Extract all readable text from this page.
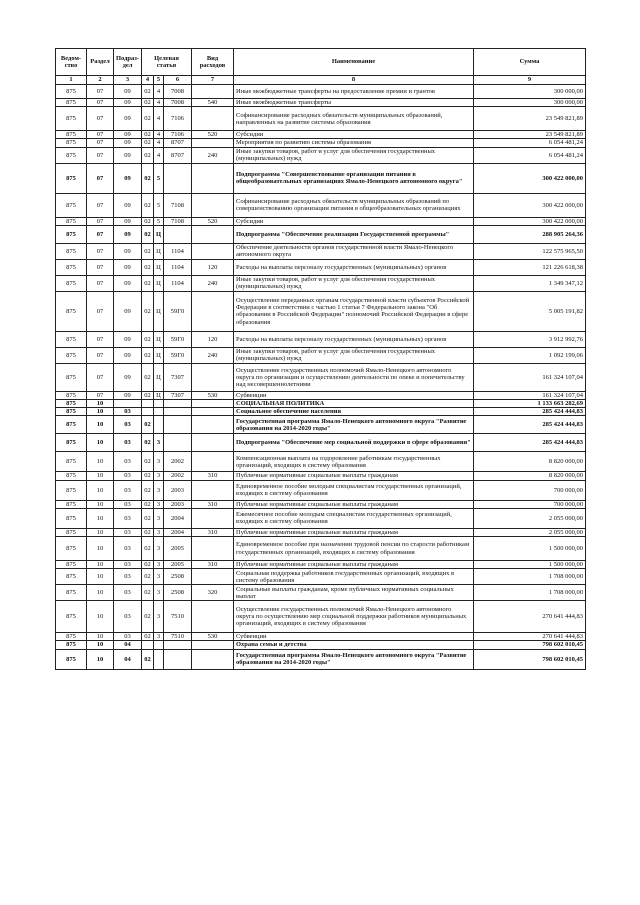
Ведом-ство	Раздел	Подраз-дел	Целевая статья			Вид расходов	Наименование	Сумма
1	2	3	4	5	6	7	8	9
875	07	09	02	4	7008		Иные межбюджетные трансферты на предоставление премии и грантов	300 000,00
875	07	09	02	4	7008	540	Иные межбюджетные трансферты	300 000,00
875	07	09	02	4	7106		Софинансирование расходных обязательств муниципальных образований, направленных на развитие системы образования	23 549 821,89
875	07	09	02	4	7106	520	Субсидии	23 549 821,89
875	07	09	02	4	8707		Мероприятия по развитию системы образования	6 054 481,24
875	07	09	02	4	8707	240	Иные закупки товаров, работ и услуг для обеспечения государственных (муниципальных) нужд	6 054 481,24
875	07	09	02	5			Подпрограмма "Совершенствование организации питания в общеобразовательных организациях Ямало-Ненецкого автономного округа"	300 422 000,00
875	07	09	02	5	7108		Софинансирование расходных обязательств муниципальных образований по совершенствованию организации питания в общеобразовательных организациях	300 422 000,00
875	07	09	02	5	7108	520	Субсидии	300 422 000,00
875	07	09	02	Ц			Подпрограмма "Обеспечение реализации Государственной программы"	288 905 264,36
875	07	09	02	Ц	1104		Обеспечение деятельности органов государственной власти Ямало-Ненецкого автономного округа	122 575 965,50
875	07	09	02	Ц	1104	120	Расходы на выплаты персоналу государственных (муниципальных) органов	121 226 618,38
875	07	09	02	Ц	1104	240	Иные закупки товаров, работ и услуг для обеспечения государственных (муниципальных) нужд	1 349 347,12
875	07	09	02	Ц	59Г0		Осуществление переданных органам государственной власти субъектов Российской Федерации в соответствии с частью 1 статьи 7 Федерального закона "Об образовании в Российской Федерации" полномочий Российской Федерации в сфере образования	5 005 191,82
875	07	09	02	Ц	59Г0	120	Расходы на выплаты персоналу государственных (муниципальных) органов	3 912 992,76
875	07	09	02	Ц	59Г0	240	Иные закупки товаров, работ и услуг для обеспечения государственных (муниципальных) нужд	1 092 199,06
875	07	09	02	Ц	7307		Осуществление государственных полномочий Ямало-Ненецкого автономного округа по организации и осуществлению деятельности по опеке и попечительству над несовершеннолетними	161 324 107,04
875	07	09	02	Ц	7307	530	Субвенции	161 324 107,04
875	10						СОЦИАЛЬНАЯ ПОЛИТИКА	1 133 663 282,69
875	10	03					Социальное обеспечение населения	285 424 444,83
875	10	03	02				Государственная программа Ямало-Ненецкого автономного округа "Развитие образования на 2014-2020 годы"	285 424 444,83
875	10	03	02	3			Подпрограмма "Обеспечение мер социальной поддержки в сфере образования"	285 424 444,83
875	10	03	02	3	2002		Компенсационная выплата на оздоровление работникам государственных организаций, входящих в систему образования	8 820 000,00
875	10	03	02	3	2002	310	Публичные нормативные социальные выплаты гражданам	8 820 000,00
875	10	03	02	3	2003		Единовременное пособие молодым специалистам государственных организаций, входящих в систему образования	700 000,00
875	10	03	02	3	2003	310	Публичные нормативные социальные выплаты гражданам	700 000,00
875	10	03	02	3	2004		Ежемесячное пособие молодым специалистам государственных организаций, входящих в систему образования	2 055 000,00
875	10	03	02	3	2004	310	Публичные нормативные социальные выплаты гражданам	2 055 000,00
875	10	03	02	3	2005		Единовременное пособие при назначении трудовой пенсии по старости работникам государственных организаций, входящих в систему образования	1 500 000,00
875	10	03	02	3	2005	310	Публичные нормативные социальные выплаты гражданам	1 500 000,00
875	10	03	02	3	2508		Социальная поддержка работников государственных организаций, входящих в систему образования	1 708 000,00
875	10	03	02	3	2508	320	Социальные выплаты гражданам, кроме публичных нормативных социальных выплат	1 708 000,00
875	10	03	02	3	7510		Осуществление государственных полномочий Ямало-Ненецкого автономного округа по осуществлению мер социальной поддержки работников муниципальных организаций, входящих в систему образования	270 641 444,83
875	10	03	02	3	7510	530	Субвенции	270 641 444,83
875	10	04					Охрана семьи и детства	798 602 010,45
875	10	04	02				Государственная программа Ямало-Ненецкого автономного округа "Развитие образования на 2014-2020 годы"	798 602 010,45
